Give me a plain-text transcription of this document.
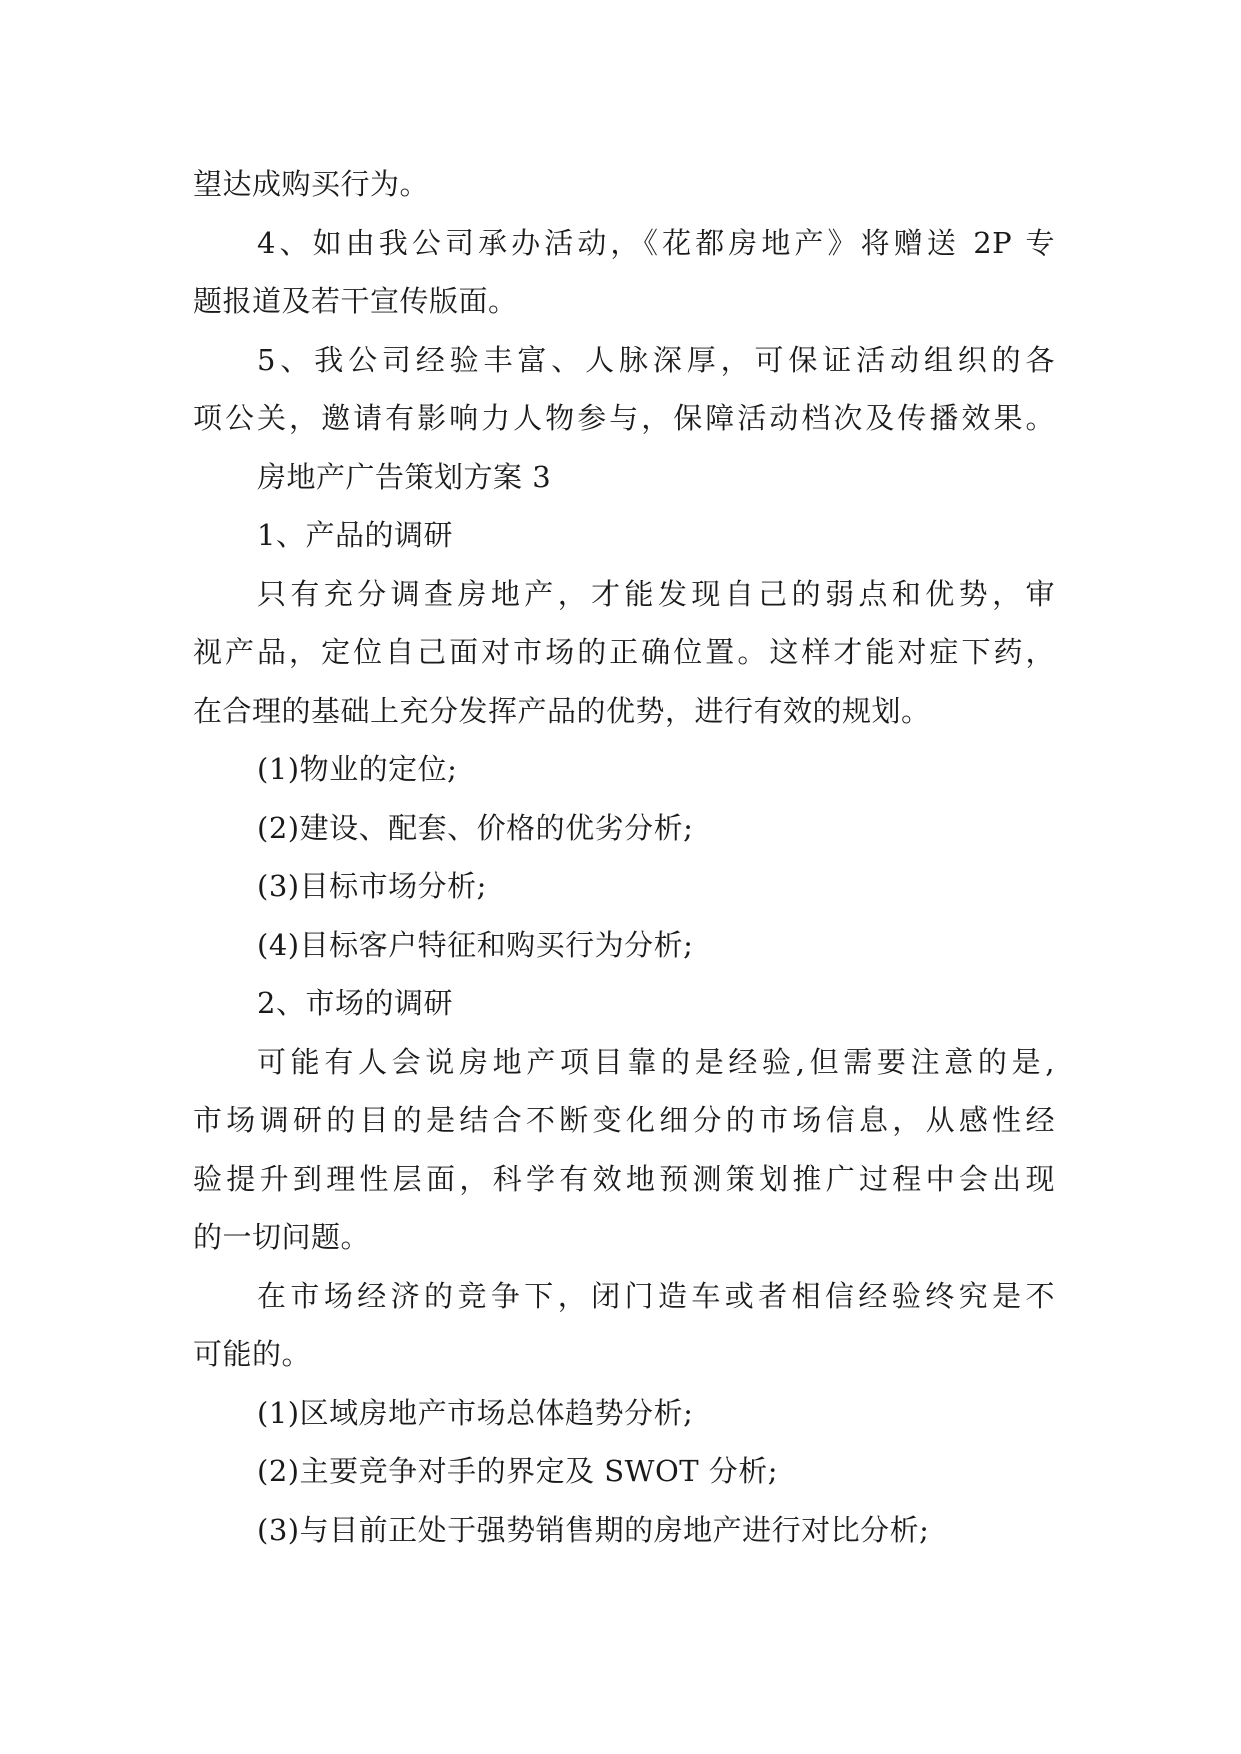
望达成购买行为。
4、如由我公司承办活动，《花都房地产》将赠送 2P 专
题报道及若干宣传版面。
5、我公司经验丰富、人脉深厚，可保证活动组织的各
项公关，邀请有影响力人物参与，保障活动档次及传播效果。
房地产广告策划方案 3
1、产品的调研
只有充分调查房地产，才能发现自己的弱点和优势，审
视产品，定位自己面对市场的正确位置。这样才能对症下药，
在合理的基础上充分发挥产品的优势，进行有效的规划。
(1)物业的定位;
(2)建设、配套、价格的优劣分析;
(3)目标市场分析;
(4)目标客户特征和购买行为分析;
2、市场的调研
可能有人会说房地产项目靠的是经验,但需要注意的是,
市场调研的目的是结合不断变化细分的市场信息，从感性经
验提升到理性层面，科学有效地预测策划推广过程中会出现
的一切问题。
在市场经济的竞争下，闭门造车或者相信经验终究是不
可能的。
(1)区域房地产市场总体趋势分析;
(2)主要竞争对手的界定及 SWOT 分析;
(3)与目前正处于强势销售期的房地产进行对比分析;
